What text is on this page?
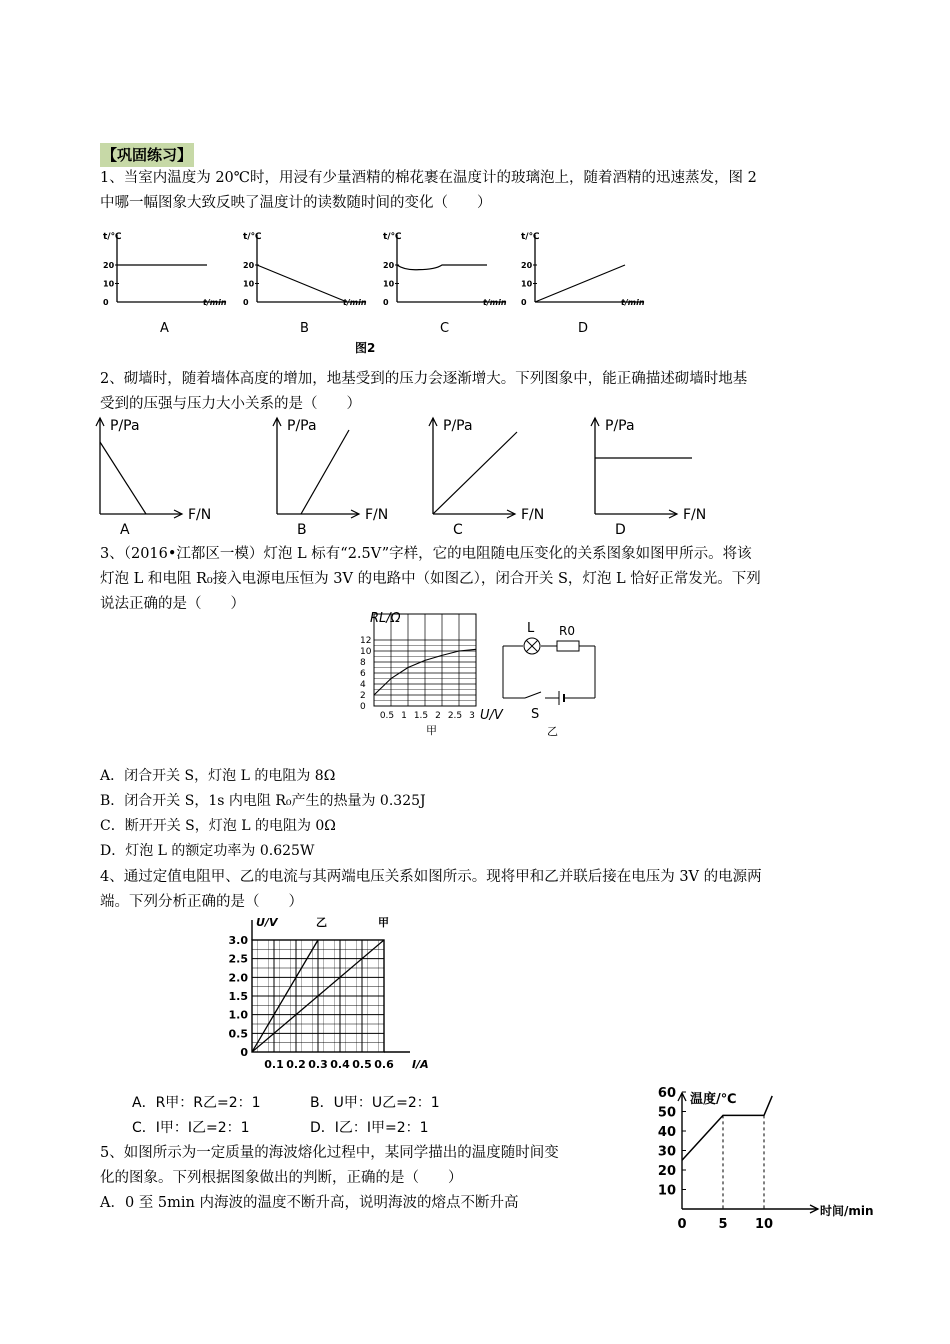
【巩固练习】
1、当室内温度为 20℃时，用浸有少量酒精的棉花裹在温度计的玻璃泡上，随着酒精的迅速蒸发，图 2
中哪一幅图象大致反映了温度计的读数随时间的变化（　　）
t/℃
t/min
20
10
0
A
t/℃
t/min
20
10
0
B
t/℃
t/min
20
10
0
C
t/℃
t/min
20
10
0
D
图2
2、砌墙时，随着墙体高度的增加，地基受到的压力会逐渐增大。下列图象中，能正确描述砌墙时地基
受到的压强与压力大小关系的是（　　）
P/Pa
F/N
A
P/Pa
F/N
B
P/Pa
F/N
C
P/Pa
F/N
D
3、（2016•江都区一模）灯泡 L 标有“2.5V”字样，它的电阻随电压变化的关系图象如图甲所示。将该
灯泡 L 和电阻 R₀接入电源电压恒为 3V 的电路中（如图乙），闭合开关 S，灯泡 L 恰好正常发光。下列
说法正确的是（　　）
RL/Ω
12
10
8
6
4
2
0
0.5 1 1.5 2 2.5 3 U/V
甲
L R0
S
乙
A．闭合开关 S，灯泡 L 的电阻为 8Ω
B．闭合开关 S，1s 内电阻 R₀产生的热量为 0.325J
C．断开开关 S，灯泡 L 的电阻为 0Ω
D．灯泡 L 的额定功率为 0.625W
4、通过定值电阻甲、乙的电流与其两端电压关系如图所示。现将甲和乙并联后接在电压为 3V 的电源两
端。下列分析正确的是（　　）
U/V	乙	甲
3.0
2.5
2.0
1.5
1.0
0.5
0
0.1 0.2 0.3 0.4 0.5 0.6 I/A
A．R甲：R乙=2：1	B．U甲：U乙=2：1
C．I甲：I乙=2：1	D．I乙：I甲=2：1
5、如图所示为一定质量的海波熔化过程中，某同学描出的温度随时间变
化的图象。下列根据图象做出的判断，正确的是（　　）
A．0 至 5min 内海波的温度不断升高，说明海波的熔点不断升高
60
50
40
30
20
10
0 5 10
温度/℃
时间/min
